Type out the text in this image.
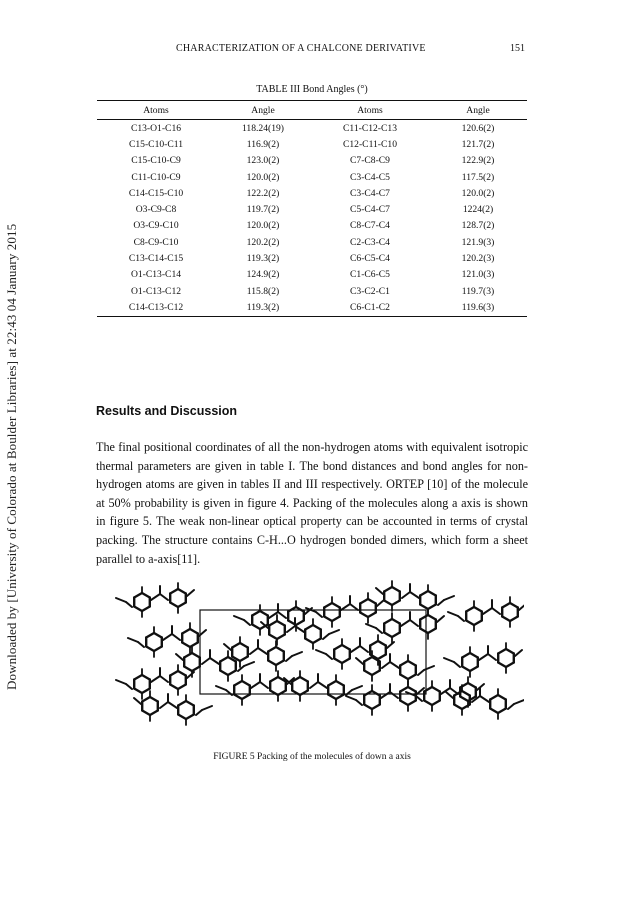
Downloaded by [University of Colorado at Boulder Libraries] at 22:43 04 January 2015
CHARACTERIZATION OF A CHALCONE DERIVATIVE	151
TABLE III Bond Angles (°)
Atoms	Angle	Atoms	Angle
C13-O1-C16	118.24(19)	C11-C12-C13	120.6(2)
C15-C10-C11	116.9(2)	C12-C11-C10	121.7(2)
C15-C10-C9	123.0(2)	C7-C8-C9	122.9(2)
C11-C10-C9	120.0(2)	C3-C4-C5	117.5(2)
C14-C15-C10	122.2(2)	C3-C4-C7	120.0(2)
O3-C9-C8	119.7(2)	C5-C4-C7	1224(2)
O3-C9-C10	120.0(2)	C8-C7-C4	128.7(2)
C8-C9-C10	120.2(2)	C2-C3-C4	121.9(3)
C13-C14-C15	119.3(2)	C6-C5-C4	120.2(3)
O1-C13-C14	124.9(2)	C1-C6-C5	121.0(3)
O1-C13-C12	115.8(2)	C3-C2-C1	119.7(3)
C14-C13-C12	119.3(2)	C6-C1-C2	119.6(3)
Results and Discussion
The final positional coordinates of all the non-hydrogen atoms with equivalent isotropic thermal parameters are given in table I. The bond distances and bond angles for non-hydrogen atoms are given in tables II and III respectively. ORTEP [10] of the molecule at 50% probability is given in figure 4. Packing of the molecules along a axis is shown in figure 5. The weak non-linear optical property can be accounted in terms of crystal packing. The structure contains C-H...O hydrogen bonded dimers, which form a sheet parallel to a-axis[11].
FIGURE 5 Packing of the molecules of down a axis
